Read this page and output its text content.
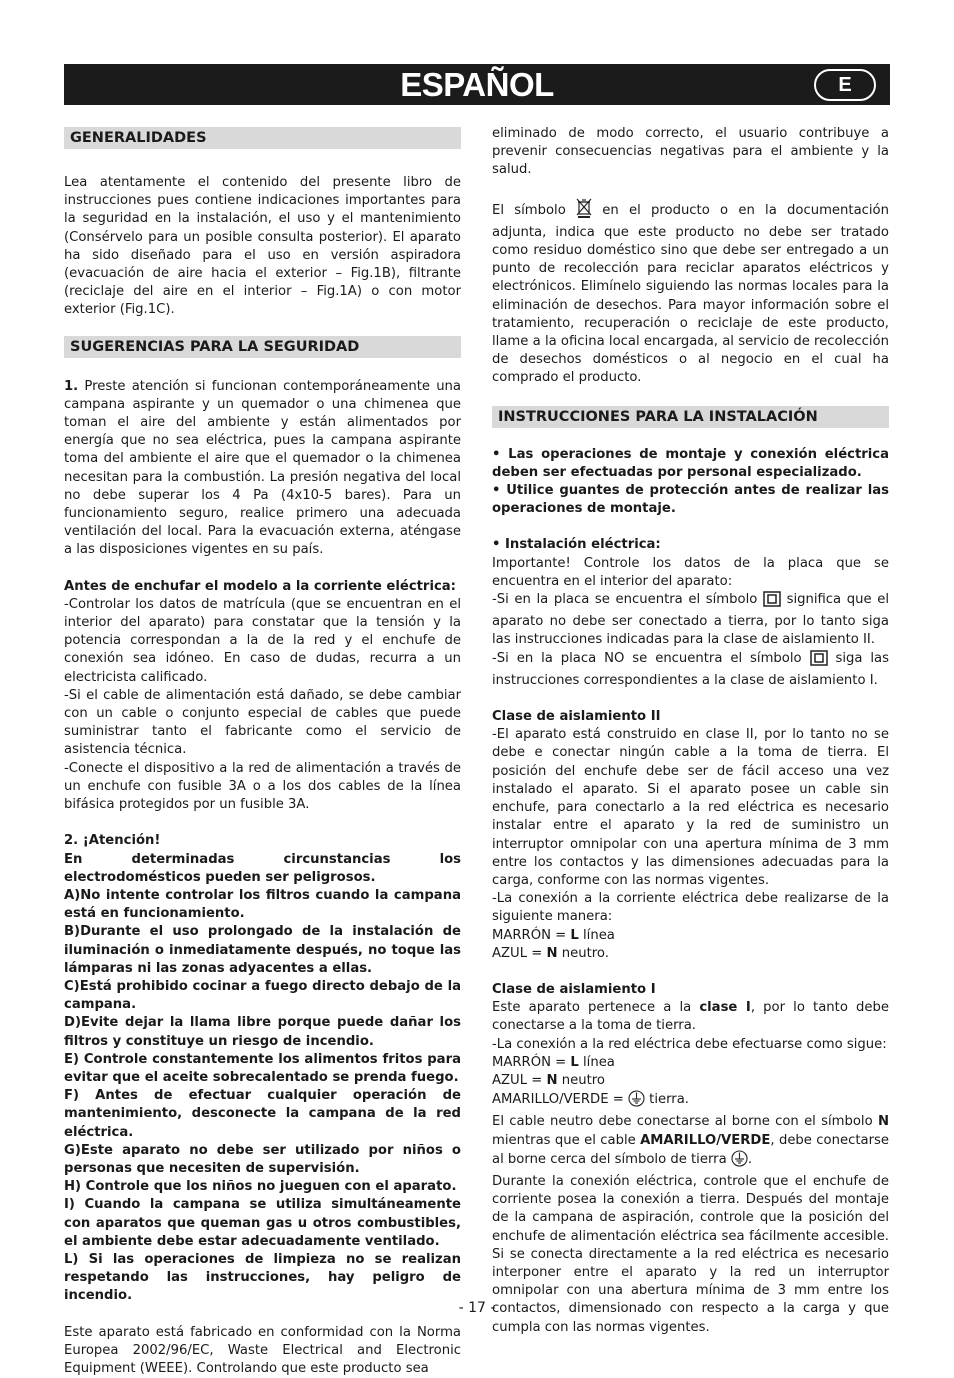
ESPAÑOL	E
GENERALIDADES

Lea atentamente el contenido del presente libro de instrucciones pues contiene indicaciones importantes para la seguridad en la instalación, el uso y el mantenimiento (Consérvelo para un posible consulta posterior). El aparato ha sido diseñado para el uso en versión aspiradora (evacuación de aire hacia el exterior – Fig.1B), filtrante (reciclaje del aire en el interior – Fig.1A) o con motor exterior (Fig.1C).

SUGERENCIAS PARA LA SEGURIDAD

1. Preste atención si funcionan contemporáneamente una campana aspirante y un quemador o una chimenea que toman el aire del ambiente y están alimentados por energía que no sea eléctrica, pues la campana aspirante toma del ambiente el aire que el quemador o la chimenea necesitan para la combustión. La presión negativa del local no debe superar los 4 Pa (4x10-5 bares). Para un funcionamiento seguro, realice primero una adecuada ventilación del local. Para la evacuación externa, aténgase a las disposiciones vigentes en su país.

Antes de enchufar el modelo a la corriente eléctrica:

-Controlar los datos de matrícula (que se encuentran en el interior del aparato) para constatar que la tensión y la potencia correspondan a la de la red y el enchufe de conexión sea idóneo. En caso de dudas, recurra a un electricista calificado.

-Si el cable de alimentación está dañado, se debe cambiar con un cable o conjunto especial de cables que puede suministrar tanto el fabricante como el servicio de asistencia técnica.

-Conecte el dispositivo a la red de alimentación a través de un enchufe con fusible 3A o a los dos cables de la línea bifásica protegidos por un fusible 3A.

2. ¡Atención!

En determinadas circunstancias los electrodomésticos pueden ser peligrosos.

A)No intente controlar los filtros cuando la campana está en funcionamiento.

B)Durante el uso prolongado de la instalación de iluminación o inmediatamente después, no toque las lámparas ni las zonas adyacentes a ellas.

C)Está prohibido cocinar a fuego directo debajo de la campana.

D)Evite dejar la llama libre porque puede dañar los filtros y constituye un riesgo de incendio.

E) Controle constantemente los alimentos fritos para evitar que el aceite sobrecalentado se prenda fuego.

F) Antes de efectuar cualquier operación de mantenimiento, desconecte la campana de la red eléctrica.

G)Este aparato no debe ser utilizado por niños o personas que necesiten de supervisión.

H) Controle que los niños no jueguen con el aparato.

I) Cuando la campana se utiliza simultáneamente con aparatos que queman gas u otros combustibles, el ambiente debe estar adecuadamente ventilado.

L) Si las operaciones de limpieza no se realizan respetando las instrucciones, hay peligro de incendio.

Este aparato está fabricado en conformidad con la Norma Europea 2002/96/EC, Waste Electrical and Electronic Equipment (WEEE). Controlando que este producto sea

eliminado de modo correcto, el usuario contribuye a prevenir consecuencias negativas para el ambiente y la salud.

El símbolo  en el producto o en la documentación adjunta, indica que este producto no debe ser tratado como residuo doméstico sino que debe ser entregado a un punto de recolección para reciclar aparatos eléctricos y electrónicos. Elimínelo siguiendo las normas locales para la eliminación de desechos. Para mayor información sobre el tratamiento, recuperación o reciclaje de este producto, llame a la oficina local encargada, al servicio de recolección de desechos domésticos o al negocio en el cual ha comprado el producto.

INSTRUCCIONES PARA LA INSTALACIÓN

• Las operaciones de montaje y conexión eléctrica deben ser efectuadas por personal especializado.

• Utilice guantes de protección antes de realizar las operaciones de montaje.

• Instalación eléctrica:

Importante! Controle los datos de la placa que se encuentra en el interior del aparato:

-Si en la placa se encuentra el símbolo  significa que el aparato no debe ser conectado a tierra, por lo tanto siga las instrucciones indicadas para la clase de aislamiento II.

-Si en la placa NO se encuentra el símbolo  siga las instrucciones correspondientes a la clase de aislamiento I.

Clase de aislamiento II

-El aparato está construido en clase II, por lo tanto no se debe e conectar ningún cable a la toma de tierra. El posición del enchufe debe ser de fácil acceso una vez instalado el aparato. Si el aparato posee un cable sin enchufe, para conectarlo a la red eléctrica es necesario instalar entre el aparato y la red de suministro un interruptor omnipolar con una apertura mínima de 3 mm entre los contactos y las dimensiones adecuadas para la carga, conforme con las normas vigentes.

-La conexión a la corriente eléctrica debe realizarse de la siguiente manera:

MARRÓN = L línea

AZUL = N neutro.

Clase de aislamiento I

Este aparato pertenece a la clase I, por lo tanto debe conectarse a la toma de tierra.

-La conexión a la red eléctrica debe efectuarse como sigue:

MARRÓN = L línea

AZUL = N neutro

AMARILLO/VERDE =  tierra.

El cable neutro debe conectarse al borne con el símbolo N mientras que el cable AMARILLO/VERDE, debe conectarse al borne cerca del símbolo de tierra .

Durante la conexión eléctrica, controle que el enchufe de corriente posea la conexión a tierra. Después del montaje de la campana de aspiración, controle que la posición del enchufe de alimentación eléctrica sea fácilmente accesible. Si se conecta directamente a la red eléctrica es necesario interponer entre el aparato y la red un interruptor omnipolar con una abertura mínima de 3 mm entre los contactos, dimensionado con respecto a la carga y que cumpla con las normas vigentes.

- 17 -
